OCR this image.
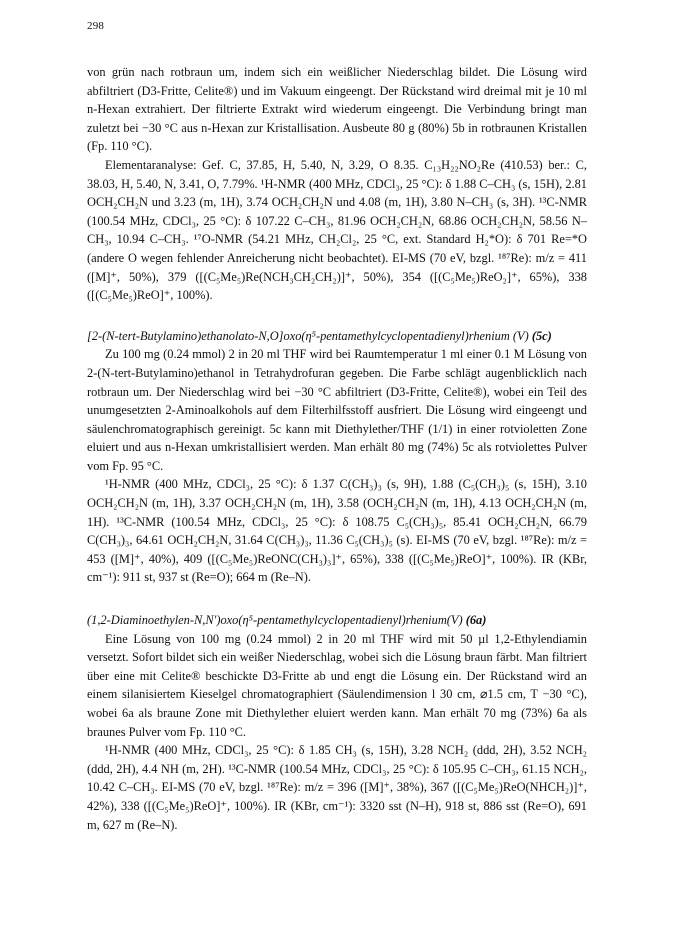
298

von grün nach rotbraun um, indem sich ein weißlicher Niederschlag bildet. Die Lösung wird abfiltriert (D3-Fritte, Celite®) und im Vakuum eingeengt. Der Rückstand wird dreimal mit je 10 ml n-Hexan extrahiert. Der filtrierte Extrakt wird wiederum eingeengt. Die Verbindung bringt man zuletzt bei −30 °C aus n-Hexan zur Kristallisation. Ausbeute 80 g (80%) 5b in rotbraunen Kristallen (Fp. 110 °C).

Elementaranalyse: Gef. C, 37.85, H, 5.40, N, 3.29, O 8.35. C₁₃H₂₂NO₂Re (410.53) ber.: C, 38.03, H, 5.40, N, 3.41, O, 7.79%. ¹H-NMR (400 MHz, CDCl₃, 25 °C): δ 1.88 C–CH₃ (s, 15H), 2.81 OCH₂CH₂N und 3.23 (m, 1H), 3.74 OCH₂CH₂N und 4.08 (m, 1H), 3.80 N–CH₃ (s, 3H). ¹³C-NMR (100.54 MHz, CDCl₃, 25 °C): δ 107.22 C–CH₃, 81.96 OCH₂CH₂N, 68.86 OCH₂CH₂N, 58.56 N–CH₃, 10.94 C–CH₃. ¹⁷O-NMR (54.21 MHz, CH₂Cl₂, 25 °C, ext. Standard H₂*O): δ 701 Re=*O (andere O wegen fehlender Anreicherung nicht beobachtet). EI-MS (70 eV, bzgl. ¹⁸⁷Re): m/z = 411 ([M]⁺, 50%), 379 ([(C₅Me₅)Re(NCH₃CH₂CH₂)]⁺, 50%), 354 ([(C₅Me₅)ReO₂]⁺, 65%), 338 ([(C₅Me₅)ReO]⁺, 100%).

[2-(N-tert-Butylamino)ethanolato-N,O]oxo(η⁵-pentamethylcyclopentadienyl)rhenium (V) (5c)

Zu 100 mg (0.24 mmol) 2 in 20 ml THF wird bei Raumtemperatur 1 ml einer 0.1 M Lösung von 2-(N-tert-Butylamino)ethanol in Tetrahydrofuran gegeben. Die Farbe schlägt augenblicklich nach rotbraun um. Der Niederschlag wird bei −30 °C abfiltriert (D3-Fritte, Celite®), wobei ein Teil des unumgesetzten 2-Aminoalkohols auf dem Filterhilfsstoff ausfriert. Die Lösung wird eingeengt und säulenchromatographisch gereinigt. 5c kann mit Diethylether/THF (1/1) in einer rotvioletten Zone eluiert und aus n-Hexan umkristallisiert werden. Man erhält 80 mg (74%) 5c als rotviolettes Pulver vom Fp. 95 °C.

¹H-NMR (400 MHz, CDCl₃, 25 °C): δ 1.37 C(CH₃)₃ (s, 9H), 1.88 (C₅(CH₃)₅ (s, 15H), 3.10 OCH₂CH₂N (m, 1H), 3.37 OCH₂CH₂N (m, 1H), 3.58 (OCH₂CH₂N (m, 1H), 4.13 OCH₂CH₂N (m, 1H). ¹³C-NMR (100.54 MHz, CDCl₃, 25 °C): δ 108.75 C₅(CH₃)₅, 85.41 OCH₂CH₂N, 66.79 C(CH₃)₃, 64.61 OCH₂CH₂N, 31.64 C(CH₃)₃, 11.36 C₅(CH₃)₅ (s). EI-MS (70 eV, bzgl. ¹⁸⁷Re): m/z = 453 ([M]⁺, 40%), 409 ([(C₅Me₅)ReONC(CH₃)₃]⁺, 65%), 338 ([(C₅Me₅)ReO]⁺, 100%). IR (KBr, cm⁻¹): 911 st, 937 st (Re=O); 664 m (Re–N).

(1,2-Diaminoethylen-N,N′)oxo(η⁵-pentamethylcyclopentadienyl)rhenium(V) (6a)

Eine Lösung von 100 mg (0.24 mmol) 2 in 20 ml THF wird mit 50 µl 1,2-Ethylendiamin versetzt. Sofort bildet sich ein weißer Niederschlag, wobei sich die Lösung braun färbt. Man filtriert über eine mit Celite® beschickte D3-Fritte ab und engt die Lösung ein. Der Rückstand wird an einem silanisiertem Kieselgel chromatographiert (Säulendimension l 30 cm, ⌀1.5 cm, T −30 °C), wobei 6a als braune Zone mit Diethylether eluiert werden kann. Man erhält 70 mg (73%) 6a als braunes Pulver vom Fp. 110 °C.

¹H-NMR (400 MHz, CDCl₃, 25 °C): δ 1.85 CH₃ (s, 15H), 3.28 NCH₂ (ddd, 2H), 3.52 NCH₂ (ddd, 2H), 4.4 NH (m, 2H). ¹³C-NMR (100.54 MHz, CDCl₃, 25 °C): δ 105.95 C–CH₃, 61.15 NCH₂, 10.42 C–CH₃. EI-MS (70 eV, bzgl. ¹⁸⁷Re): m/z = 396 ([M]⁺, 38%), 367 ([(C₅Me₅)ReO(NHCH₂)]⁺, 42%), 338 ([(C₅Me₅)ReO]⁺, 100%). IR (KBr, cm⁻¹): 3320 sst (N–H), 918 st, 886 sst (Re=O), 691 m, 627 m (Re–N).
